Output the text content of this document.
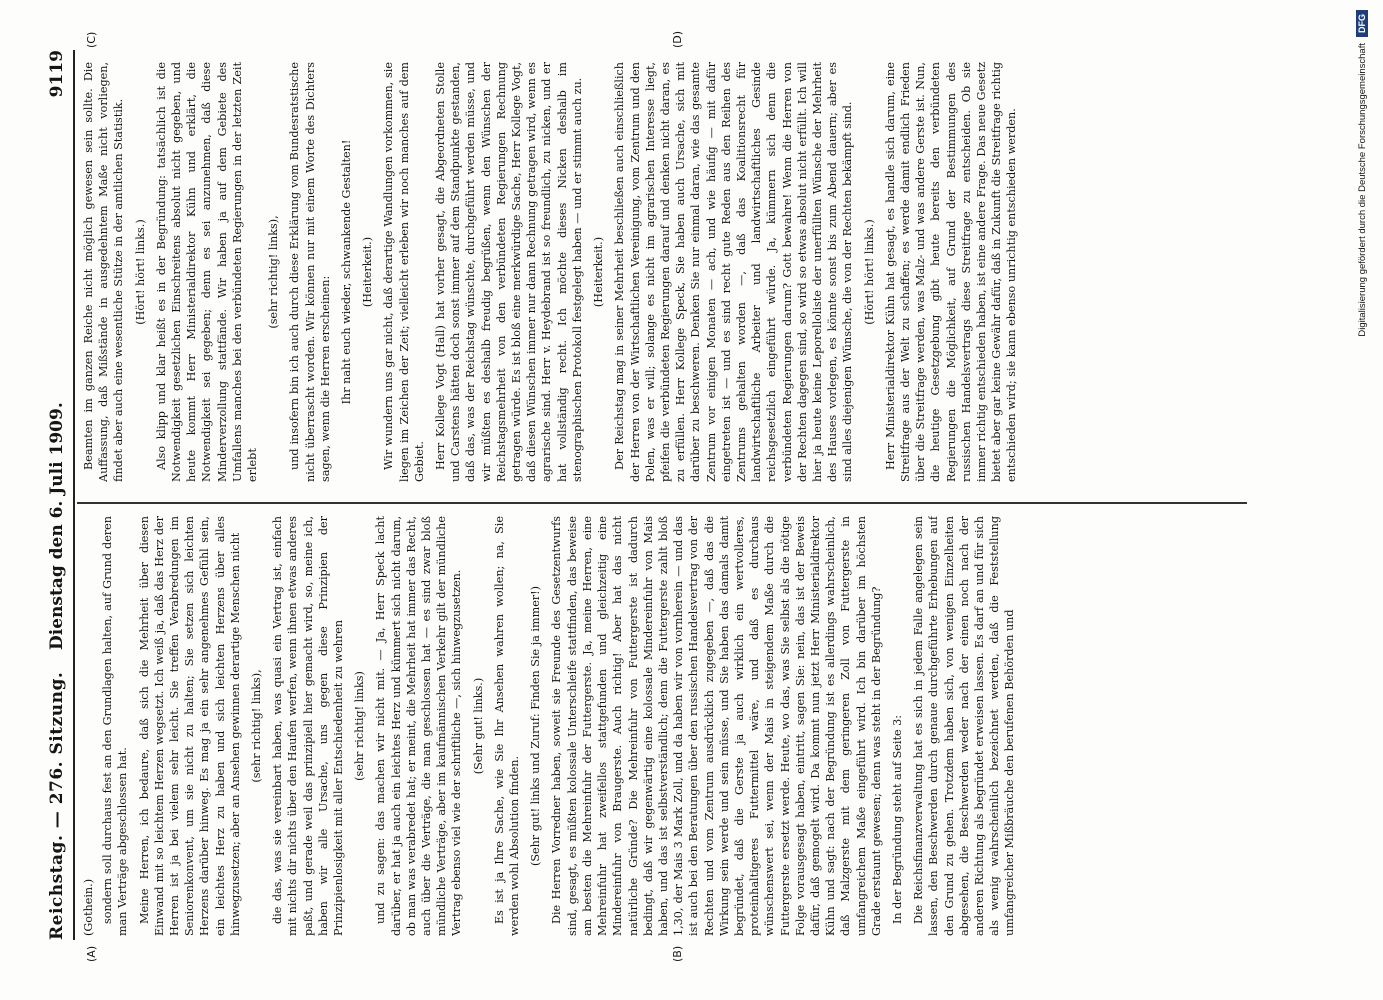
Reichstag. — 276. Sitzung.
Dienstag den 6. Juli 1909.
9119
(A)	(B)
(C)	(D)

(Gothein.) sondern soll durchaus fest an den Grundlagen halten, auf Grund deren man Verträge abgeschlossen hat. Meine Herren, ich bedaure, daß sich die Mehrheit über diesen Einwand mit so leichtem Herzen wegsetzt. Ich weiß ja, daß das Herz der Herren ist ja bei vielem sehr leicht. Sie treffen Verabredungen im Seniorenkonvent, um sie nicht zu halten; Sie setzen sich leichten Herzens darüber hinweg. Es mag ja ein sehr angenehmes Gefühl sein, ein leichtes Herz zu haben und sich leichten Herzens über alles hinwegzusetzen; aber an Ansehen gewinnen derartige Menschen nicht (sehr richtig! links), die das, was sie vereinbart haben, was quasi ein Vertrag ist, einfach mit nichts dir nichts über den Haufen werfen, wenn ihnen etwas anderes paßt, und gerade weil das prinzipiell hier gemacht wird, so, meine ich, haben wir alle Ursache, uns gegen diese Prinzipien der Prinzipienlosigkeit mit aller Entschiedenheit zu wehren (sehr richtig! links) und zu sagen: das machen wir nicht mit. — Ja, Herr Speck lacht darüber, er hat ja auch ein leichtes Herz und kümmert sich nicht darum, ob man was verabredet hat; er meint, die Mehrheit hat immer das Recht, auch über die Verträge, die man geschlossen hat — es sind zwar bloß mündliche Verträge, aber im kaufmännischen Verkehr gilt der mündliche Vertrag ebenso viel wie der schriftliche —, sich hinwegzusetzen. (Sehr gut! links.) Es ist ja Ihre Sache, wie Sie Ihr Ansehen wahren wollen; na, Sie werden wohl Absolution finden. (Sehr gut! links und Zuruf: Finden Sie ja immer!) Die Herren Vorredner haben, soweit sie Freunde des Gesetzentwurfs sind, gesagt, es müßten kolossale Unterschleife stattfinden, das beweise am besten die Mehreinfuhr der Futtergerste. Ja, meine Herren, eine Mehreinfuhr hat zweifellos stattgefunden und gleichzeitig eine Mindereinfuhr von Braugerste. Auch richtig! Aber hat das nicht natürliche Gründe? Die Mehreinfuhr von Futtergerste ist dadurch bedingt, daß wir gegenwärtig eine kolossale Mindereinfuhr von Mais haben, und das ist selbstverständlich; denn die Futtergerste zahlt bloß 1,30, der Mais 3 Mark Zoll, und da haben wir von vornherein — und das ist auch bei den Beratungen über den russischen Handelsvertrag von der Rechten und vom Zentrum ausdrücklich zugegeben —, daß das die Wirkung sein werde und sein müsse, und Sie haben das damals damit begründet, daß die Gerste ja auch wirklich ein wertvolleres, proteinhaltigeres Futtermittel wäre, und daß es durchaus wünschenswert sei, wenn der Mais in steigendem Maße durch die Futtergerste ersetzt werde. Heute, wo das, was Sie selbst als die nötige Folge vorausgesagt haben, eintritt, sagen Sie: nein, das ist der Beweis dafür, daß gemogelt wird. Da kommt nun jetzt Herr Ministerialdirektor Kühn und sagt: nach der Begründung ist es allerdings wahrscheinlich, daß Malzgerste mit dem geringeren Zoll von Futtergerste in umfangreichem Maße eingeführt wird. Ich bin darüber im höchsten Grade erstaunt gewesen; denn was steht in der Begründung? In der Begründung steht auf Seite 3: Die Reichsfinanzverwaltung hat es sich in jedem Falle angelegen sein lassen, den Beschwerden durch genaue durchgeführte Erhebungen auf den Grund zu gehen. Trotzdem haben sich, von wenigen Einzelheiten abgesehen, die Beschwerden weder nach der einen noch nach der anderen Richtung als begründet erweisen lassen. Es darf an und für sich als wenig wahrscheinlich bezeichnet werden, daß die Feststellung umfangreicher Mißbräuche den berufenen Behörden und

Beamten im ganzen Reiche nicht möglich gewesen sein sollte. Die Auffassung, daß Mißstände in ausgedehntem Maße nicht vorliegen, findet aber auch eine wesentliche Stütze in der amtlichen Statistik. (Hört! hört! links.) Also klipp und klar heißt es in der Begründung: tatsächlich ist die Notwendigkeit gesetzlichen Einschreitens absolut nicht gegeben, und heute kommt Herr Ministerialdirektor Kühn und erklärt, die Notwendigkeit sei gegeben; denn es sei anzunehmen, daß diese Minderverzollung stattfände. Wir haben ja auf dem Gebiete des Umfallens manches bei den verbündeten Regierungen in der letzten Zeit erlebt

(sehr richtig! links), und insofern bin ich auch durch diese Erklärung vom Bundesratstische nicht überrascht worden. Wir können nur mit einem Worte des Dichters sagen, wenn die Herren erscheinen: Ihr naht euch wieder, schwankende Gestalten! (Heiterkeit.) Wir wundern uns gar nicht, daß derartige Wandlungen vorkommen, sie liegen im Zeichen der Zeit; vielleicht erleben wir noch manches auf dem Gebiet. Herr Kollege Vogt (Hall) hat vorher gesagt, die Abgeordneten Stolle und Carstens hätten doch sonst immer auf dem Standpunkte gestanden, daß das, was der Reichstag wünschte, durchgeführt werden müsse, und wir müßten es deshalb freudig begrüßen, wenn den Wünschen der Reichstagsmehrheit von den verbündeten Regierungen Rechnung getragen würde. Es ist bloß eine merkwürdige Sache, Herr Kollege Vogt, daß diesen Wünschen immer nur dann Rechnung getragen wird, wenn es agrarische sind. Herr v. Heydebrand ist so freundlich, zu nicken, und er hat vollständig recht. Ich möchte dieses Nicken deshalb im stenographischen Protokoll festgelegt haben — und er stimmt auch zu. (Heiterkeit.) Der Reichstag mag in seiner Mehrheit beschließen auch einschließlich der Herren von der Wirtschaftlichen Vereinigung, vom Zentrum und den Polen, was er will; solange es nicht im agrarischen Interesse liegt, pfeifen die verbündeten Regierungen darauf und denken nicht daran, es zu erfüllen. Herr Kollege Speck, Sie haben auch Ursache, sich mit darüber zu beschweren. Denken Sie nur einmal daran, wie das gesamte Zentrum vor einigen Monaten — ach, und wie häufig — mit dafür eingetreten ist — und es sind recht gute Reden aus den Reihen des Zentrums gehalten worden —, daß das Koalitionsrecht für landwirtschaftliche Arbeiter und landwirtschaftliches Gesinde reichsgesetzlich eingeführt würde. Ja, kümmern sich denn die verbündeten Regierungen darum? Gott bewahre! Wenn die Herren von der Rechten dagegen sind, so wird so etwas absolut nicht erfüllt. Ich will hier ja heute keine Leporelloliste der unerfüllten Wünsche der Mehrheit des Hauses vorlegen, es könnte sonst bis zum Abend dauern; aber es sind alles diejenigen Wünsche, die von der Rechten bekämpft sind. (Hört! hört! links.) Herr Ministerialdirektor Kühn hat gesagt, es handle sich darum, eine Streitfrage aus der Welt zu schaffen; es werde damit endlich Frieden über die Streitfrage werden, was Malz- und was andere Gerste ist. Nun, die heutige Gesetzgebung gibt heute bereits den verbündeten Regierungen die Möglichkeit, auf Grund der Bestimmungen des russischen Handelsvertrags diese Streitfrage zu entscheiden. Ob sie immer richtig entschieden haben, ist eine andere Frage. Das neue Gesetz bietet aber gar keine Gewähr dafür, daß in Zukunft die Streitfrage richtig entschieden wird; sie kann ebenso unrichtig entschieden werden.	Digitalisierung gefördert durch die Deutsche Forschungsgemeinschaft
DFG
